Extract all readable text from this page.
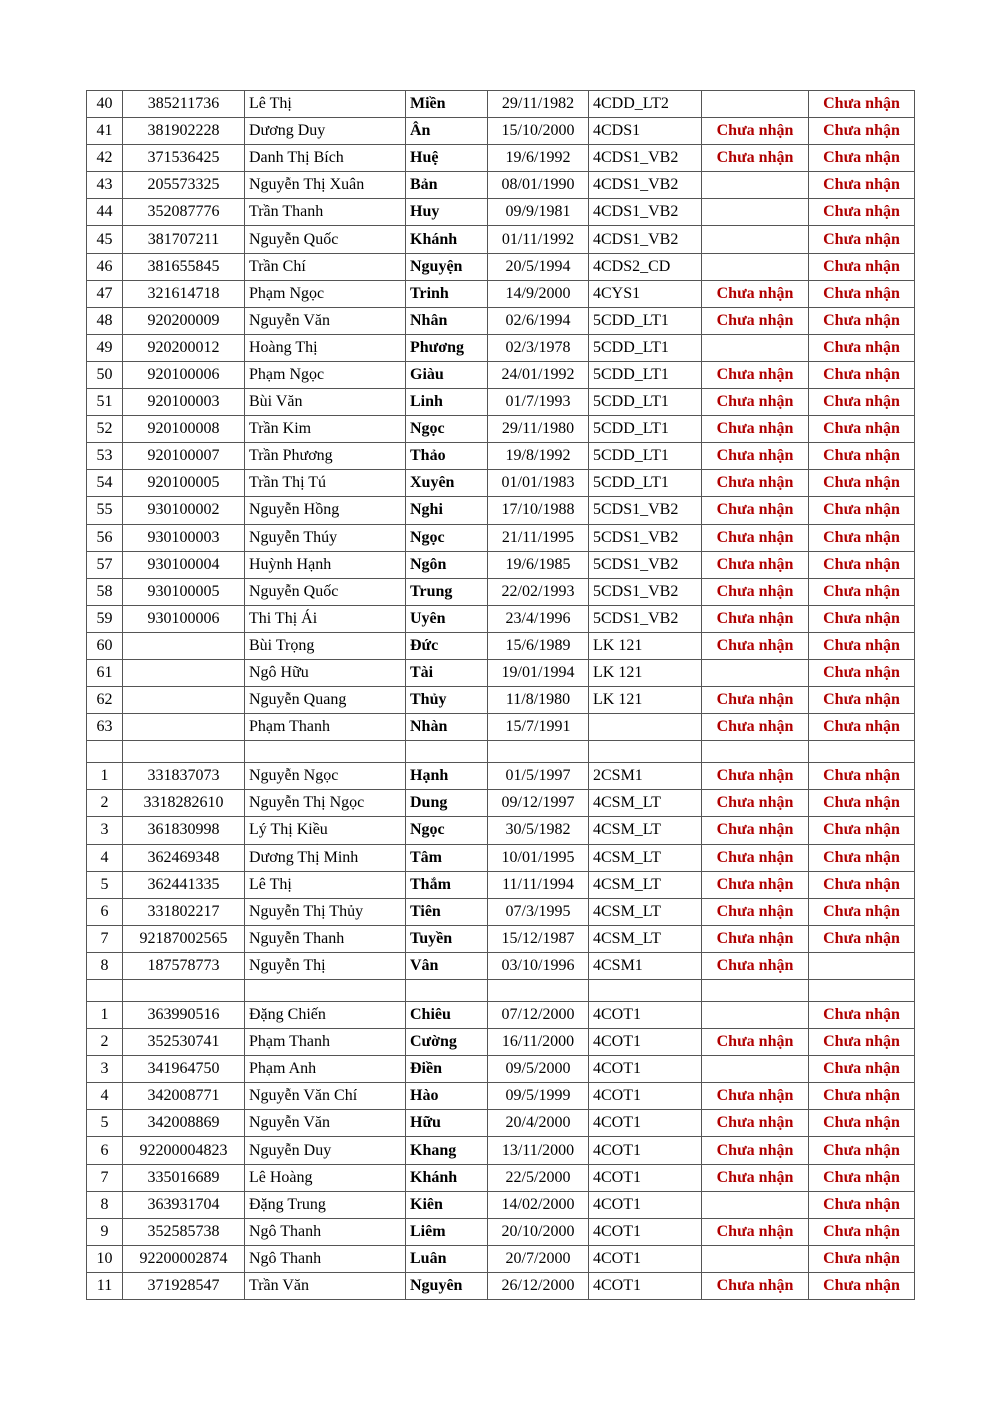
40	385211736	Lê Thị	Miền	29/11/1982	4CDD_LT2		Chưa nhận
41	381902228	Dương Duy	Ân	15/10/2000	4CDS1	Chưa nhận	Chưa nhận
42	371536425	Danh Thị Bích	Huệ	19/6/1992	4CDS1_VB2	Chưa nhận	Chưa nhận
43	205573325	Nguyễn Thị Xuân	Bản	08/01/1990	4CDS1_VB2		Chưa nhận
44	352087776	Trần Thanh	Huy	09/9/1981	4CDS1_VB2		Chưa nhận
45	381707211	Nguyễn Quốc	Khánh	01/11/1992	4CDS1_VB2		Chưa nhận
46	381655845	Trần Chí	Nguyện	20/5/1994	4CDS2_CD		Chưa nhận
47	321614718	Phạm Ngọc	Trinh	14/9/2000	4CYS1	Chưa nhận	Chưa nhận
48	920200009	Nguyễn Văn	Nhân	02/6/1994	5CDD_LT1	Chưa nhận	Chưa nhận
49	920200012	Hoàng Thị	Phương	02/3/1978	5CDD_LT1		Chưa nhận
50	920100006	Phạm Ngọc	Giàu	24/01/1992	5CDD_LT1	Chưa nhận	Chưa nhận
51	920100003	Bùi Văn	Linh	01/7/1993	5CDD_LT1	Chưa nhận	Chưa nhận
52	920100008	Trần Kim	Ngọc	29/11/1980	5CDD_LT1	Chưa nhận	Chưa nhận
53	920100007	Trần Phương	Thảo	19/8/1992	5CDD_LT1	Chưa nhận	Chưa nhận
54	920100005	Trần Thị Tú	Xuyên	01/01/1983	5CDD_LT1	Chưa nhận	Chưa nhận
55	930100002	Nguyễn Hồng	Nghi	17/10/1988	5CDS1_VB2	Chưa nhận	Chưa nhận
56	930100003	Nguyễn Thúy	Ngọc	21/11/1995	5CDS1_VB2	Chưa nhận	Chưa nhận
57	930100004	Huỳnh Hạnh	Ngôn	19/6/1985	5CDS1_VB2	Chưa nhận	Chưa nhận
58	930100005	Nguyễn Quốc	Trung	22/02/1993	5CDS1_VB2	Chưa nhận	Chưa nhận
59	930100006	Thi Thị Ái	Uyên	23/4/1996	5CDS1_VB2	Chưa nhận	Chưa nhận
60		Bùi Trọng	Đức	15/6/1989	LK 121	Chưa nhận	Chưa nhận
61		Ngô Hữu	Tài	19/01/1994	LK 121		Chưa nhận
62		Nguyễn Quang	Thủy	11/8/1980	LK 121	Chưa nhận	Chưa nhận
63		Phạm Thanh	Nhàn	15/7/1991		Chưa nhận	Chưa nhận

1	331837073	Nguyễn Ngọc	Hạnh	01/5/1997	2CSM1	Chưa nhận	Chưa nhận
2	3318282610	Nguyễn Thị Ngọc	Dung	09/12/1997	4CSM_LT	Chưa nhận	Chưa nhận
3	361830998	Lý Thị Kiều	Ngọc	30/5/1982	4CSM_LT	Chưa nhận	Chưa nhận
4	362469348	Dương Thị Minh	Tâm	10/01/1995	4CSM_LT	Chưa nhận	Chưa nhận
5	362441335	Lê Thị	Thắm	11/11/1994	4CSM_LT	Chưa nhận	Chưa nhận
6	331802217	Nguyễn Thị Thủy	Tiên	07/3/1995	4CSM_LT	Chưa nhận	Chưa nhận
7	92187002565	Nguyễn Thanh	Tuyền	15/12/1987	4CSM_LT	Chưa nhận	Chưa nhận
8	187578773	Nguyễn Thị	Vân	03/10/1996	4CSM1	Chưa nhận	

1	363990516	Đặng Chiến	Chiêu	07/12/2000	4COT1		Chưa nhận
2	352530741	Phạm Thanh	Cường	16/11/2000	4COT1	Chưa nhận	Chưa nhận
3	341964750	Phạm Anh	Điền	09/5/2000	4COT1		Chưa nhận
4	342008771	Nguyễn Văn Chí	Hào	09/5/1999	4COT1	Chưa nhận	Chưa nhận
5	342008869	Nguyễn Văn	Hữu	20/4/2000	4COT1	Chưa nhận	Chưa nhận
6	92200004823	Nguyễn Duy	Khang	13/11/2000	4COT1	Chưa nhận	Chưa nhận
7	335016689	Lê Hoàng	Khánh	22/5/2000	4COT1	Chưa nhận	Chưa nhận
8	363931704	Đặng Trung	Kiên	14/02/2000	4COT1		Chưa nhận
9	352585738	Ngô Thanh	Liêm	20/10/2000	4COT1	Chưa nhận	Chưa nhận
10	92200002874	Ngô Thanh	Luân	20/7/2000	4COT1		Chưa nhận
11	371928547	Trần Văn	Nguyên	26/12/2000	4COT1	Chưa nhận	Chưa nhận
